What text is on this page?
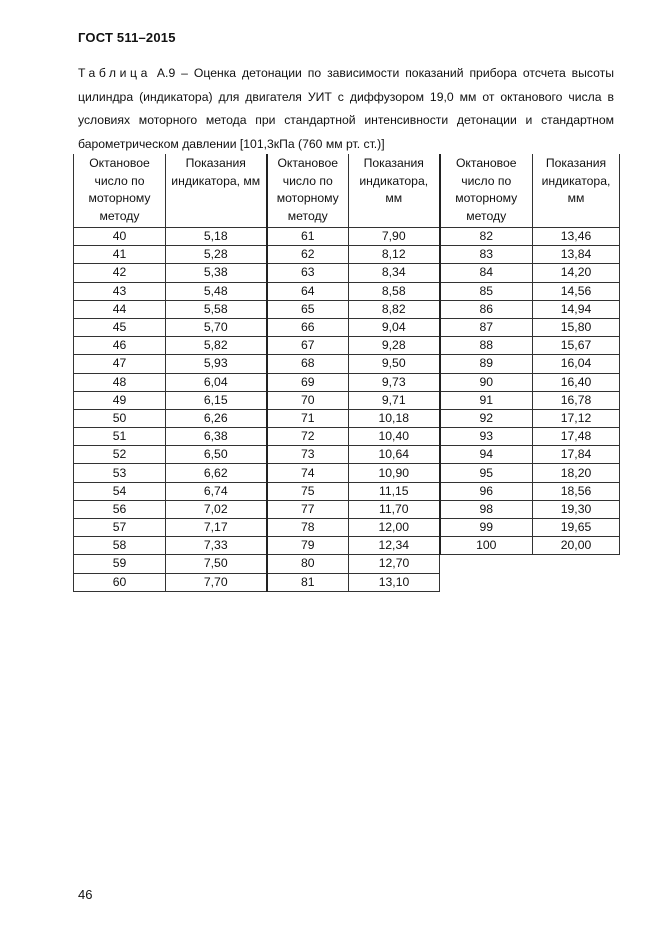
ГОСТ 511–2015
Таблица А.9 – Оценка детонации по зависимости показаний прибора отсчета высоты цилиндра (индикатора) для двигателя УИТ с диффузором 19,0 мм от октанового числа в условиях моторного метода при стандартной интенсивности детонации и стандартном барометрическом давлении [101,3кПа (760 мм рт. ст.)]
Октановое число по моторному методу	Показания индикатора, мм	Октановое число по моторному методу	Показания индикатора, мм	Октановое число по моторному методу	Показания индикатора, мм
40	5,18	61	7,90	82	13,46
41	5,28	62	8,12	83	13,84
42	5,38	63	8,34	84	14,20
43	5,48	64	8,58	85	14,56
44	5,58	65	8,82	86	14,94
45	5,70	66	9,04	87	15,80
46	5,82	67	9,28	88	15,67
47	5,93	68	9,50	89	16,04
48	6,04	69	9,73	90	16,40
49	6,15	70	9,71	91	16,78
50	6,26	71	10,18	92	17,12
51	6,38	72	10,40	93	17,48
52	6,50	73	10,64	94	17,84
53	6,62	74	10,90	95	18,20
54	6,74	75	11,15	96	18,56
56	7,02	77	11,70	98	19,30
57	7,17	78	12,00	99	19,65
58	7,33	79	12,34	100	20,00
59	7,50	80	12,70		
60	7,70	81	13,10		
46
